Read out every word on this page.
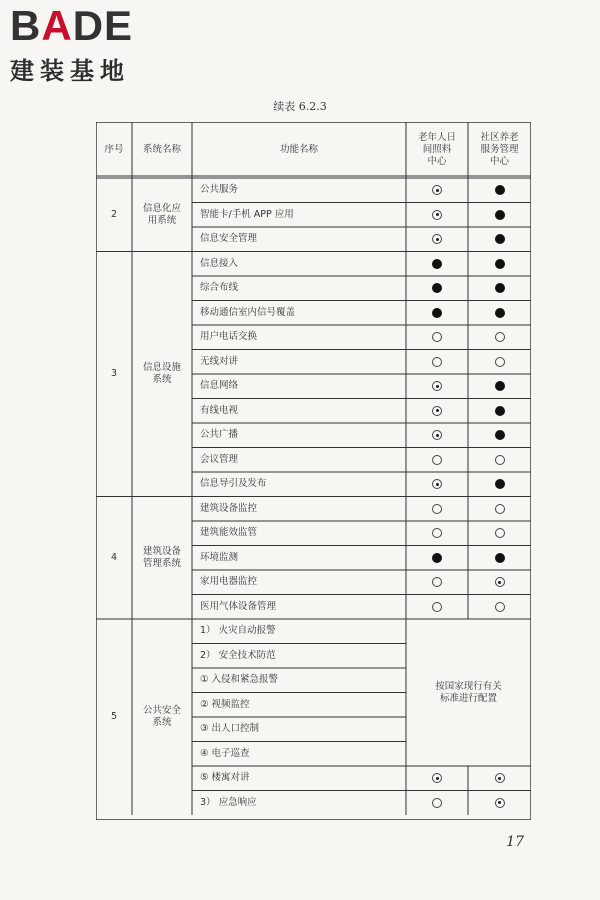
BADE
建装基地
续表 6.2.3
序号 系统名称	功能名称
老年人日
间照料
中心
社区养老
服务管理
中心
2
信息化应
用系统
公共服务
智能卡/手机 APP 应用
信息安全管理
3
信息设施
系统
信息接入
综合布线
移动通信室内信号覆盖
用户电话交换
无线对讲
信息网络
有线电视
公共广播
会议管理
信息导引及发布
4
建筑设备
管理系统
建筑设备监控
建筑能效监管
环境监测
家用电器监控
医用气体设备管理
5
公共安全
系统
1） 火灾自动报警
2） 安全技术防范
① 入侵和紧急报警
② 视频监控
③ 出人口控制
④ 电子巡查
⑤ 楼寓对讲
3） 应急响应
按国家现行有关
标准进行配置
17
